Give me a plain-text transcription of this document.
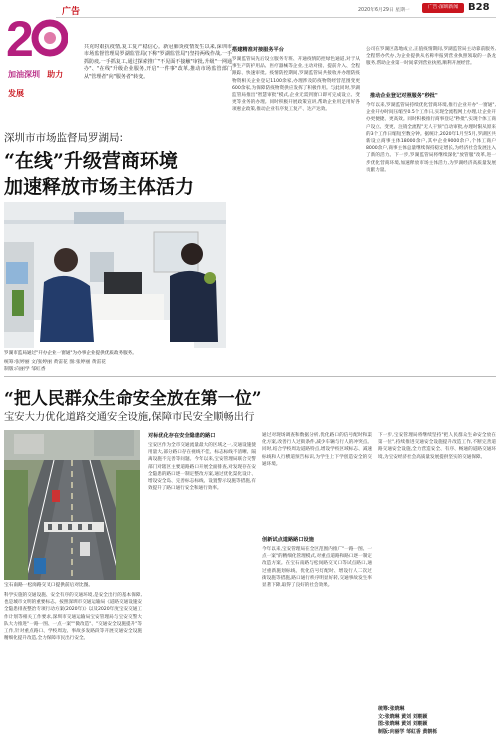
广告	2020年6月29日 星期一
广告·深圳新闻 B28
2
加油深圳 助力发展
共克时艰抗疫情,复工复产稳信心。新冠肺炎疫情发生以来,深圳市市场监督管理局罗湖监管局(下称"罗湖监管局")坚持两线作战,一手抓防疫,一手抓复工,通过探索推广"不见面不接触"审批,升级"一网通办"、"在线"升级企业服务,开启"一件事"改革,推动市场监管部门从"管理者"向"服务者"转变。
深圳市市场监督局罗湖局:
“在线”升级营商环境
加速释放市场主体活力
罗湖市监局通过"开办企业一窗通"为办事企业提供优质政务服务。
统筹:张婷丽 文/张婷丽 黄雷花 图:张婷丽 黄雷花
制版:向丽学 邹紅香
搭建精准对接服务平台
罗湖监管局先后设立服务专班、开通疫情防控绿色通道,对于从事生产防护用品、医疗器械等企业,主动对接、提前介入、全程跟踪、快速审批。疫情防控期间,罗湖监管局共接收并办理防疫物资相关企业登记1100余家,办理涉及防疫物资经营范围变更600余家,为保障防疫物资供应发挥了积极作用。与此同时,罗湖监管局推出"智慧审批"模式,企业无需到窗口即可完成设立、变更等业务的办理。同时积极开展政策宣讲,帮助企业用足用好各项惠企政策,推动企业有序复工复产、达产达效。
公司在罗湖区落地成立,正值疫情期间,罗湖监管局主动靠前服务,全程帮办代办,为企业提供从名称申报到营业执照领取的一条龙服务,帮助企业第一时间拿到营业执照,顺利开展经营。
推动企业登记对照服务"秒批"
今年以来,罗湖监管局持续优化营商环境,推行企业开办"一窗通",企业开办时间压缩至0.5个工作日,实现全流程网上办理,让企业开办更便捷、更高效。同时积极推行商事登记"秒批",实现个体工商户设立、变更、注销全流程"无人干预"自动审批,办理时限从原来的3个工作日缩短至数分钟。据统计,2020年1月至5月,罗湖区共新设立商事主体18000余户,其中企业9000余户,个体工商户8000余户,商事主体总量继续保持稳定增长,为经济社会发展注入了新的活力。下一步,罗湖监管局将继续深化"放管服"改革,进一步优化营商环境,加速释放市场主体活力,为罗湖经济高质量发展贡献力量。
“把人民群众生命安全放在第一位”
宝安大力优化道路交通安全设施,保障市民安全顺畅出行
宝石南路一松岗路交叉口提供前后对比图。
科学实施的交通设施、安全有序的交通环境,是安全出行的基本保障,也是城市文明的重要标志。按照深圳市交通运输局《道路交通设施安全隐患排查整治专项行动方案(2020年)》以及2020年度宝安交通工作计划等相关工作要求,深圳市交通运输局宝安管理局与宝安交警大队大力推进"一路一图、一点一案""微改造"、"交通安全设施提升"等工作,针对重点路口、学校周边、事故多发路段等开展交通安全设施精细化提升改造,全力保障市民出行安全。
对标优化存在安全隐患的路口
宝安区作为全市交通流量最大的区域之一,交通设施使用量大,部分路口存在视线不佳、标志标线不清晰、隔离设施不完善等问题。今年以来,宝安管理局联合交警部门对辖区主要道路路口开展全面排查,对发现存在安全隐患的路口逐一制定整改方案,通过优化渠化设计、增设安全岛、完善标志标线、设置警示设施等措施,有效提升了路口通行安全和通行效率。
通过对现场调查和数据分析,优化路口的信号配时和渠化方案,改善行人过街条件,减少车辆与行人的冲突点。同时,结合学校周边道路特点,增设学校区域标志、减速标线和人行横道预告标识,为学生上下学创造安全的交通环境。
创新试点道路路口设施
今年以来,宝安管理局在全区范围内推广"一路一图、一点一案"的精细化管理模式,对重点道路和路口逐一制定改造方案。在宝石南路与松岗路交叉口等试点路口,通过重新施划标线、优化信号灯配时、增设行人二次过街设施等措施,路口通行秩序明显好转,交通事故发生率显著下降,取得了良好的社会效果。
下一步,宝安管理局将继续坚持"把人民群众生命安全放在第一位",持续推进交通安全设施提升改造工作,不断完善道路交通安全设施,全力营造安全、有序、畅通的道路交通环境,为宝安经济社会高质量发展提供坚实的交通保障。
统筹:张晓琳
文:张晓琳 黄刘 刘朝颖
图:张晓琳 黄刘 刘朝颖
制版:向丽学 邹紅香 黄朝栎
